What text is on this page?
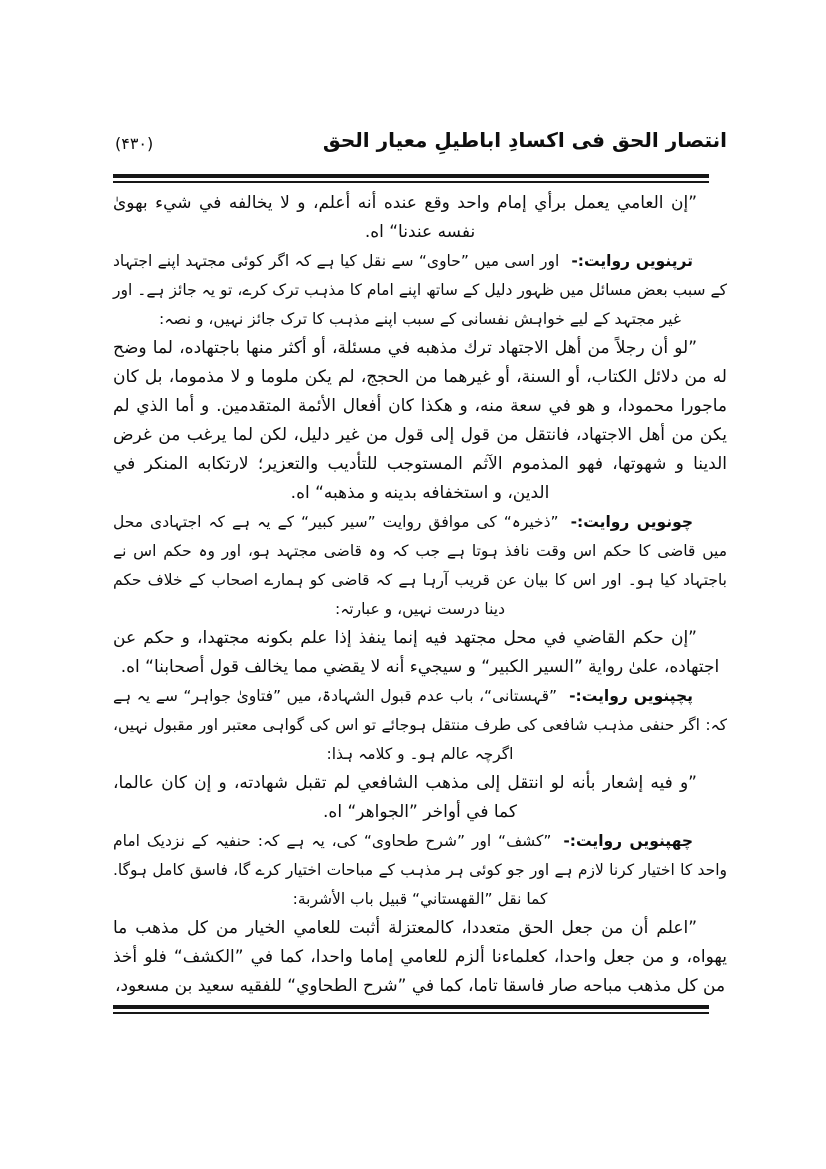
(۴۳۰)	انتصار الحق فی اکسادِ اباطیلِ معیار الحق

”إن العامي يعمل برأي إمام واحد وقع عنده أنه أعلم، و لا يخالفه في شيء بهوىٰ نفسه عندنا“ اه.

ترپنویں روایت:-اور اسی میں ”حاوی“ سے نقل کیا ہے کہ اگر کوئی مجتہد اپنے اجتہاد کے سبب بعض مسائل میں ظہور دلیل کے ساتھ اپنے امام کا مذہب ترک کرے، تو یہ جائز ہے۔ اور غیر مجتہد کے لیے خواہش نفسانی کے سبب اپنے مذہب کا ترک جائز نہیں، و نصہ:

”لو أن رجلاً من أهل الاجتهاد ترك مذهبه في مسئلة، أو أكثر منها باجتهاده، لما وضح له من دلائل الكتاب، أو السنة، أو غيرهما من الحجج، لم يكن ملوما و لا مذموما، بل كان ماجورا محمودا، و هو في سعة منه، و هكذا كان أفعال الأئمة المتقدمين. و أما الذي لم يكن من أهل الاجتهاد، فانتقل من قول إلى قول من غير دليل، لكن لما يرغب من غرض الدينا و شهوتها، فهو المذموم الآثم المستوجب للتأديب والتعزير؛ لارتكابه المنكر في الدين، و استخفافه بدينه و مذهبه“ اه.

چونویں روایت:-”ذخیرہ“ کی موافق روایت ”سیر کبیر“ کے یہ ہے کہ اجتہادی محل میں قاضی کا حکم اس وقت نافذ ہوتا ہے جب کہ وہ قاضی مجتہد ہو، اور وہ حکم اس نے باجتہاد کیا ہو۔ اور اس کا بیان عن قریب آرہا ہے کہ قاضی کو ہمارے اصحاب کے خلاف حکم دینا درست نہیں، و عبارتہ:

”إن حكم القاضي في محل مجتهد فيه إنما ينفذ إذا علم بكونه مجتهدا، و حكم عن اجتهاده، علىٰ رواية ”السير الكبير“ و سيجيء أنه لا يقضي مما يخالف قول أصحابنا“ اه.

پچپنویں روایت:-”قہستانی“، باب عدم قبول الشہادۃ، میں ”فتاویٰ جواہر“ سے یہ ہے کہ: اگر حنفی مذہب شافعی کی طرف منتقل ہوجائے تو اس کی گواہی معتبر اور مقبول نہیں، اگرچہ عالم ہو۔ و کلامہ ہذا:

”و فيه إشعار بأنه لو انتقل إلى مذهب الشافعي لم تقبل شهادته، و إن كان عالما، كما في أواخر ”الجواهر“ اه.

چھپنویں روایت:-”کشف“ اور ”شرح طحاوی“ کی، یہ ہے کہ: حنفیہ کے نزدیک امام واحد کا اختیار کرنا لازم ہے اور جو کوئی ہر مذہب کے مباحات اختیار کرے گا، فاسق کامل ہوگا. کما نقل ”القهستاني“ قبیل باب الأشربة:

”اعلم أن من جعل الحق متعددا، كالمعتزلة أثبت للعامي الخيار من كل مذهب ما يهواه، و من جعل واحدا، كعلماءنا ألزم للعامي إماما واحدا، كما في ”الكشف“ فلو أخذ من كل مذهب مباحه صار فاسقا تاما، كما في ”شرح الطحاوي“ للفقيه سعيد بن مسعود،
